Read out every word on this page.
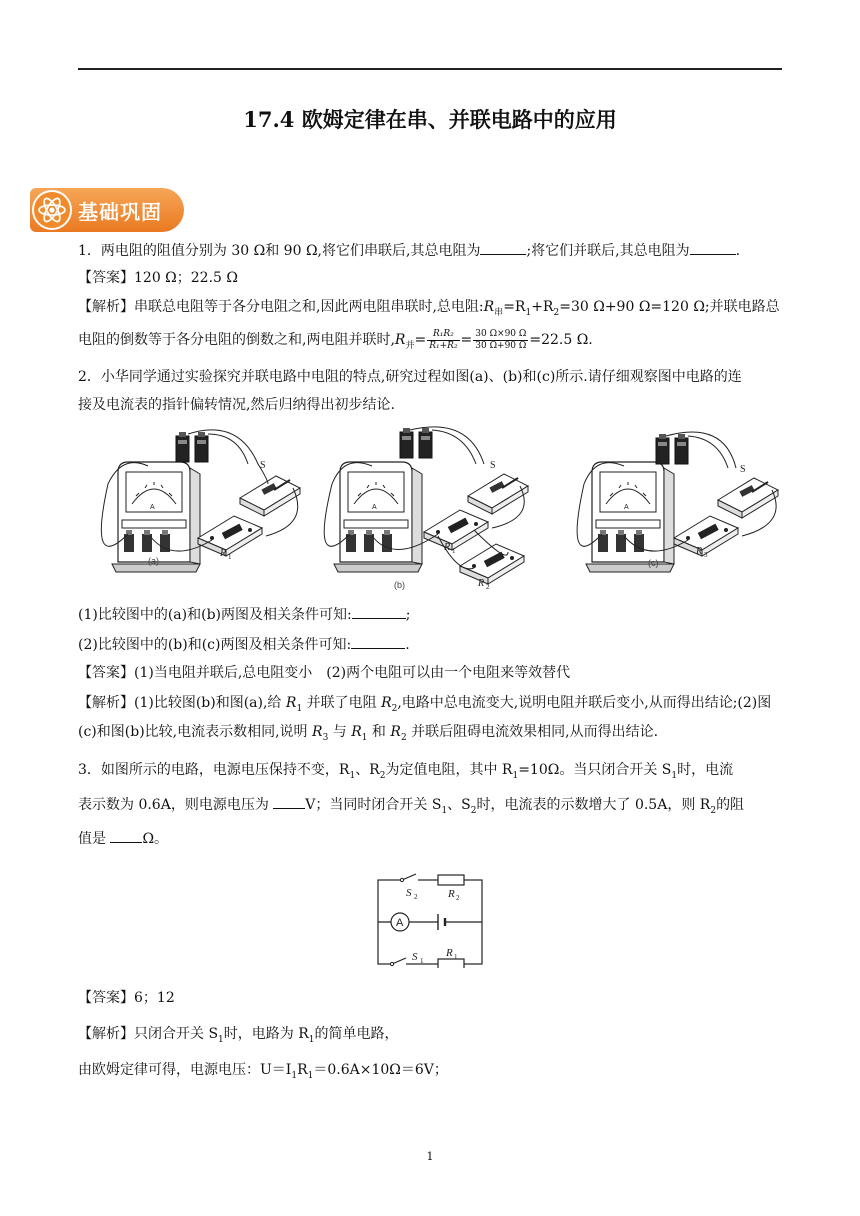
17.4 欧姆定律在串、并联电路中的应用
基础巩固
1．两电阻的阻值分别为 30 Ω和 90 Ω,将它们串联后,其总电阻为	;将它们并联后,其总电阻为	.
【答案】120 Ω；22.5 Ω
【解析】串联总电阻等于各分电阻之和,因此两电阻串联时,总电阻$:R_串=R_1+R_2=30$ Ω+90 Ω=120 Ω;并联电路总
电阻的倒数等于各分电阻的倒数之和,两电阻并联时$,R_并= \frac{\text{R₁R₂}}{\text{R₁+R₂}} = \frac{30 \Omega\times 90 \Omega}{30 \Omega+90 \Omega} =22.5$ Ω.
2．小华同学通过实验探究并联电路中电阻的特点,研究过程如图(a)、(b)和(c)所示.请仔细观察图中电路的连
接及电流表的指针偏转情况,然后归纳得出初步结论.
(a)
S
R 1
(b)
S
R 1
R 2
(c)
S
R 3
(1)比较图中的(a)和(b)两图及相关条件可知:	;
(2)比较图中的(b)和(c)两图及相关条件可知:	.
【答案】(1)当电阻并联后,总电阻变小　(2)两个电阻可以由一个电阻来等效替代
【解析】(1)比较图(b)和图(a),给 $R_1$ 并联了电阻 $R_2$,电路中总电流变大,说明电阻并联后变小,从而得出结论;(2)图
(c)和图(b)比较,电流表示数相同,说明 $R_3$ 与 $R_1$ 和 $R_2$ 并联后阻碍电流效果相同,从而得出结论.
3．如图所示的电路，电源电压保持不变，$R_1$、$R_2$为定值电阻，其中 $R_1=10\Omega$。当只闭合开关 $S_1$时，电流
表示数为 0.6A，则电源电压为 V；当同时闭合开关 $S_1$、$S_2$时，电流表的示数增大了 0.5A，则 $R_2$的阻
值是 Ω。
S 2	R 2
A
S 1
R 1
【答案】6；12
【解析】只闭合开关 $S_1$时，电路为 $R_1$的简单电路，
由欧姆定律可得，电源电压：$U=I_1R_1=0.6A\times 10\Omega=6V$；
1
